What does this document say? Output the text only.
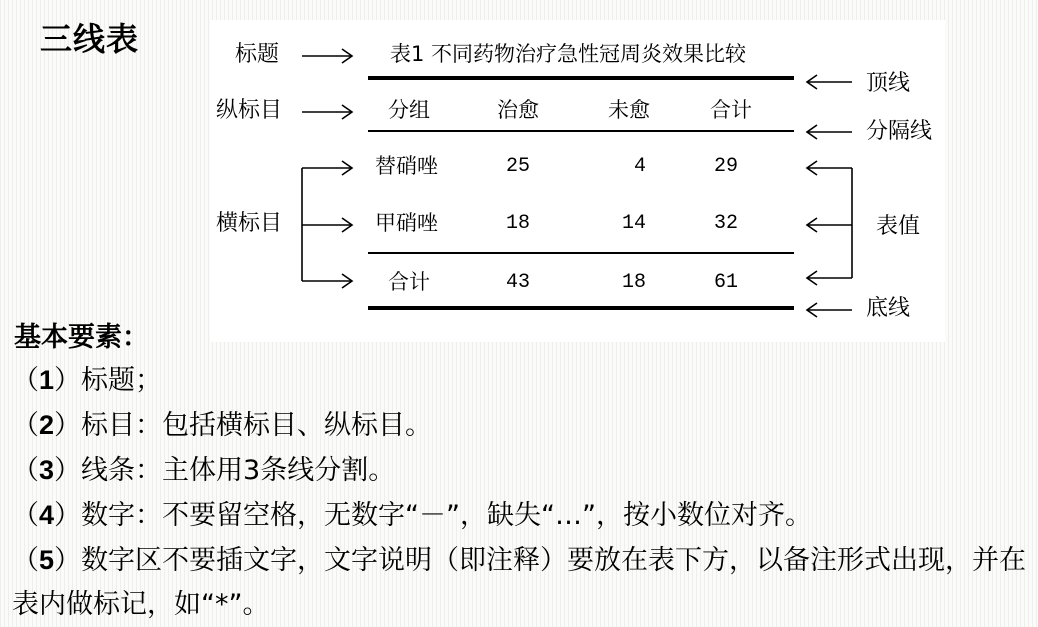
三线表	标题
纵标目
横标目
表1 不同药物治疗急性冠周炎效果比较
分组	治愈	未愈	合计
替硝唑	25	4	29
甲硝唑	18	14	32
合计	43	18	61
顶线
分隔线
表值
底线
基本要素：
（1）标题；
（2）标目：包括横标目、纵标目。
（3）线条：主体用3条线分割。
（4）数字：不要留空格，无数字“－”，缺失“…”，按小数位对齐。
（5）数字区不要插文字，文字说明（即注释）要放在表下方，以备注形式出现，并在表内做标记，如“*”。
